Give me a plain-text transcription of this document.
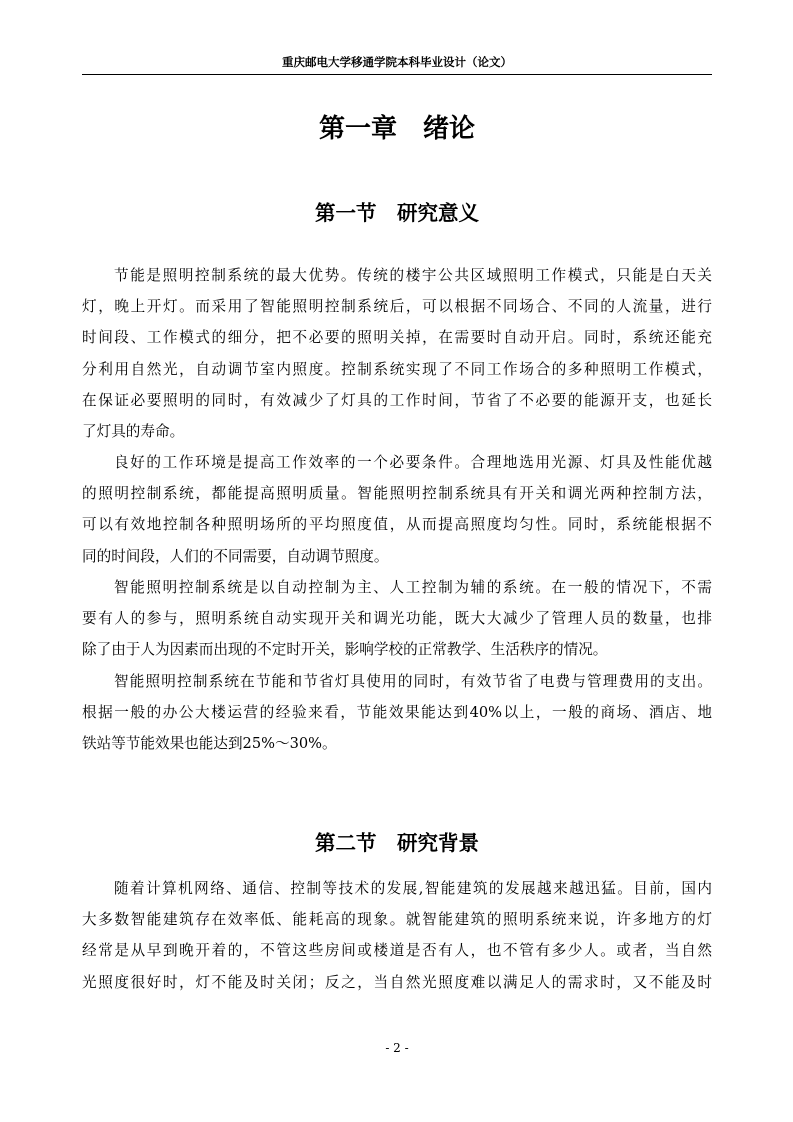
重庆邮电大学移通学院本科毕业设计（论文）
第一章　绪论
第一节　研究意义
节能是照明控制系统的最大优势。传统的楼宇公共区域照明工作模式，只能是白天关
灯，晚上开灯。而采用了智能照明控制系统后，可以根据不同场合、不同的人流量，进行
时间段、工作模式的细分，把不必要的照明关掉，在需要时自动开启。同时，系统还能充
分利用自然光，自动调节室内照度。控制系统实现了不同工作场合的多种照明工作模式，
在保证必要照明的同时，有效减少了灯具的工作时间，节省了不必要的能源开支，也延长
了灯具的寿命。
良好的工作环境是提高工作效率的一个必要条件。合理地选用光源、灯具及性能优越
的照明控制系统，都能提高照明质量。智能照明控制系统具有开关和调光两种控制方法，
可以有效地控制各种照明场所的平均照度值，从而提高照度均匀性。同时，系统能根据不
同的时间段，人们的不同需要，自动调节照度。
智能照明控制系统是以自动控制为主、人工控制为辅的系统。在一般的情况下，不需
要有人的参与，照明系统自动实现开关和调光功能，既大大减少了管理人员的数量，也排
除了由于人为因素而出现的不定时开关，影响学校的正常教学、生活秩序的情况。
智能照明控制系统在节能和节省灯具使用的同时，有效节省了电费与管理费用的支出。
根据一般的办公大楼运营的经验来看，节能效果能达到40%以上，一般的商场、酒店、地
铁站等节能效果也能达到25%～30%。
第二节　研究背景
随着计算机网络、通信、控制等技术的发展,智能建筑的发展越来越迅猛。目前，国内
大多数智能建筑存在效率低、能耗高的现象。就智能建筑的照明系统来说，许多地方的灯
经常是从早到晚开着的，不管这些房间或楼道是否有人，也不管有多少人。或者，当自然
光照度很好时，灯不能及时关闭；反之，当自然光照度难以满足人的需求时，又不能及时
- 2 -
